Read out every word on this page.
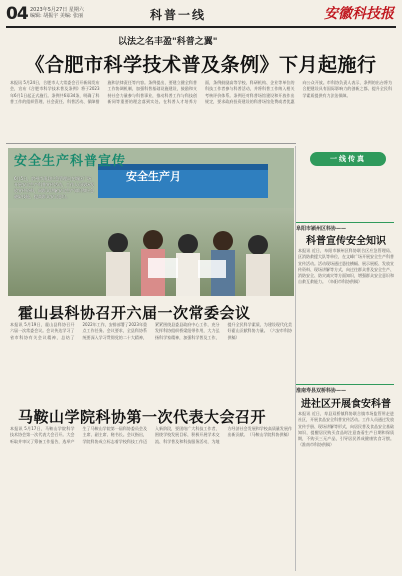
04 2023年5月27日 星期六
编辑: 胡振宇 美编: 张丽	科普一线	安徽科技报
以法之名丰盈"科普之翼"
《合肥市科学技术普及条例》下月起施行
本报讯 5月24日，合肥市人大常委会召开新闻发布会，宣布《合肥市科学技术普及条例》将于2023年6月1日起正式施行。条例共6章34条，明确了科普工作的组织管理、社会责任、科普活动、保障措施和法律责任等内容。条例提出，要建立健全科普工作协调机制，加强科普基础设施建设，鼓励和支持社会力量参与科普事业，推动科普工作与科技创新同等重要的理念落到实处。在科普人才培养方面，条例鼓励高等学校、科研机构、企业等单位的科技工作者参与科普活动，并将科普工作纳入相关考核评价体系。条例还对科普场馆建设和开放作出规定，要求政府投资建设的科普场馆免费或者优惠向公众开放。市科协负责人表示，条例的出台将为合肥建设具有国际影响力的创新之都、提升全民科学素质提供有力法治保障。
安全生产科普宣传
安全生产月
6月5日，宿州市萧县应急管理局在城区广场开展安全生产科普宣传活动，工作人员现场发放宣传资料，向群众讲解安全生产知识和应急避险技能，提高群众安全意识。
霍山县科协召开六届一次常委会议
本报讯 5月19日，霍山县科协召开六届一次常委会议。会议传达学习了省市科协有关会议精神，总结了2022年工作，安排部署了2023年重点工作任务。会议要求，全县科协系统要深入学习贯彻党的二十大精神，紧紧围绕县委县政府中心工作，充分发挥科协组织桥梁纽带作用，大力弘扬科学家精神，加强科学普及工作，提升全民科学素质，为建设现代化美好霍山贡献科协力量。（六安市科协供稿）
马鞍山学院科协第一次代表大会召开
本报讯 5月17日，马鞍山学院科学技术协会第一次代表大会召开。大会听取并审议了筹备工作报告，选举产生了马鞍山学院第一届科协委员会及主席、副主席、秘书长。会议指出，学院科协成立标志着学校科技工作迈入新阶段，要团结广大科技工作者，围绕学校发展目标，积极开展学术交流、科学普及和科技服务活动，为地方经济社会发展和学校高质量发展作出新贡献。（马鞍山学院科协供稿）
一线传真
阜阳市颍州区科协——
科普宣传安全知识
本报讯 近日，阜阳市颍州区科协联合区应急管理局、区消防救援大队等单位，在文峰广场开展安全生产科普宣传活动。活动现场通过悬挂横幅、展示展板、发放宣传资料、现场讲解等方式，向过往群众普及安全生产、消防安全、防灾减灾等方面知识，增强群众安全意识和自救互救能力。（阜阳市科协供稿）
淮南寿县双桥科协——
进社区开展食安科普
本报讯 近日，寿县双桥镇科协联合镇市场监管所走进社区，开展食品安全科普宣传活动。工作人员通过发放宣传手册、现场讲解等形式，向居民普及食品安全基础知识，提醒居民购买食品时注意查看生产日期和保质期，不购买三无产品，引导居民养成健康饮食习惯。（淮南市科协供稿）
